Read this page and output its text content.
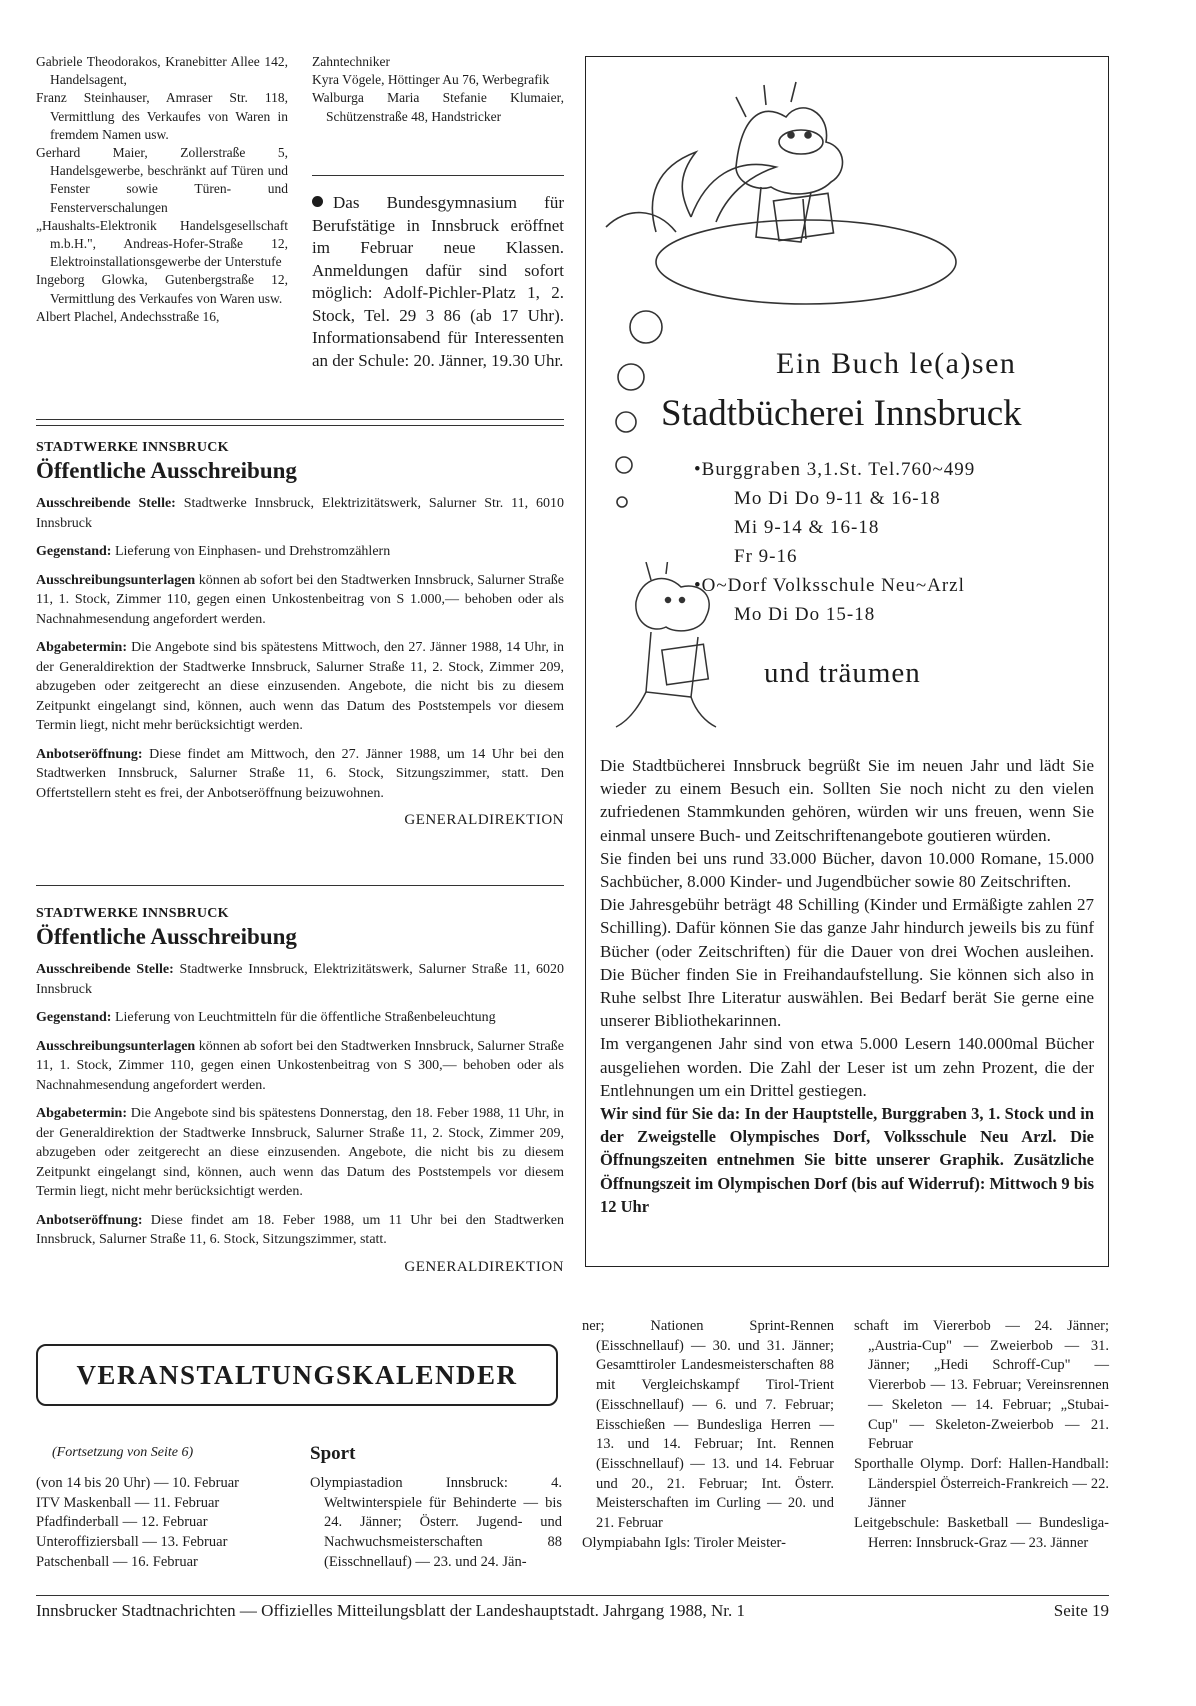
Gabriele Theodorakos, Kranebitter Allee 142, Handelsagent,

Franz Steinhauser, Amraser Str. 118, Vermittlung des Verkaufes von Waren in fremdem Namen usw.

Gerhard Maier, Zollerstraße 5, Handelsgewerbe, beschränkt auf Türen und Fenster sowie Türen- und Fensterverschalungen

„Haushalts-Elektronik Handelsgesellschaft m.b.H.", Andreas-Hofer-Straße 12, Elektroinstallationsgewerbe der Unterstufe

Ingeborg Glowka, Gutenbergstraße 12, Vermittlung des Verkaufes von Waren usw.

Albert Plachel, Andechsstraße 16,

Zahntechniker

Kyra Vögele, Höttinger Au 76, Werbegrafik

Walburga Maria Stefanie Klumaier, Schützenstraße 48, Handstricker

Das Bundesgymnasium für Berufstätige in Innsbruck eröffnet im Februar neue Klassen. Anmeldungen dafür sind sofort möglich: Adolf-Pichler-Platz 1, 2. Stock, Tel. 29 3 86 (ab 17 Uhr). Informationsabend für Interessenten an der Schule: 20. Jänner, 19.30 Uhr.
STADTWERKE INNSBRUCK
Öffentliche Ausschreibung

Ausschreibende Stelle: Stadtwerke Innsbruck, Elektrizitätswerk, Salurner Str. 11, 6010 Innsbruck

Gegenstand: Lieferung von Einphasen- und Drehstromzählern

Ausschreibungsunterlagen können ab sofort bei den Stadtwerken Innsbruck, Salurner Straße 11, 1. Stock, Zimmer 110, gegen einen Unkostenbeitrag von S 1.000,— behoben oder als Nachnahmesendung angefordert werden.

Abgabetermin: Die Angebote sind bis spätestens Mittwoch, den 27. Jänner 1988, 14 Uhr, in der Generaldirektion der Stadtwerke Innsbruck, Salurner Straße 11, 2. Stock, Zimmer 209, abzugeben oder zeitgerecht an diese einzusenden. Angebote, die nicht bis zu diesem Zeitpunkt eingelangt sind, können, auch wenn das Datum des Poststempels vor diesem Termin liegt, nicht mehr berücksichtigt werden.

Anbotseröffnung: Diese findet am Mittwoch, den 27. Jänner 1988, um 14 Uhr bei den Stadtwerken Innsbruck, Salurner Straße 11, 6. Stock, Sitzungszimmer, statt. Den Offertstellern steht es frei, der Anbotseröffnung beizuwohnen.

GENERALDIREKTION
STADTWERKE INNSBRUCK
Öffentliche Ausschreibung

Ausschreibende Stelle: Stadtwerke Innsbruck, Elektrizitätswerk, Salurner Straße 11, 6020 Innsbruck

Gegenstand: Lieferung von Leuchtmitteln für die öffentliche Straßenbeleuchtung

Ausschreibungsunterlagen können ab sofort bei den Stadtwerken Innsbruck, Salurner Straße 11, 1. Stock, Zimmer 110, gegen einen Unkostenbeitrag von S 300,— behoben oder als Nachnahmesendung angefordert werden.

Abgabetermin: Die Angebote sind bis spätestens Donnerstag, den 18. Feber 1988, 11 Uhr, in der Generaldirektion der Stadtwerke Innsbruck, Salurner Straße 11, 2. Stock, Zimmer 209, abzugeben oder zeitgerecht an diese einzusenden. Angebote, die nicht bis zu diesem Zeitpunkt eingelangt sind, können, auch wenn das Datum des Poststempels vor diesem Termin liegt, nicht mehr berücksichtigt werden.

Anbotseröffnung: Diese findet am 18. Feber 1988, um 11 Uhr bei den Stadtwerken Innsbruck, Salurner Straße 11, 6. Stock, Sitzungszimmer, statt.

GENERALDIREKTION
Ein Buch le(a)sen
Stadtbücherei Innsbruck
•Burggraben 3,1.St. Tel.760~499
Mo Di Do 9-11 & 16-18
Mi 9-14 & 16-18
Fr 9-16
•O~Dorf Volksschule Neu~Arzl
Mo Di Do 15-18
und träumen

Die Stadtbücherei Innsbruck begrüßt Sie im neuen Jahr und lädt Sie wieder zu einem Besuch ein. Sollten Sie noch nicht zu den vielen zufriedenen Stammkunden gehören, würden wir uns freuen, wenn Sie einmal unsere Buch- und Zeitschriftenangebote goutieren würden.

Sie finden bei uns rund 33.000 Bücher, davon 10.000 Romane, 15.000 Sachbücher, 8.000 Kinder- und Jugendbücher sowie 80 Zeitschriften.

Die Jahresgebühr beträgt 48 Schilling (Kinder und Ermäßigte zahlen 27 Schilling). Dafür können Sie das ganze Jahr hindurch jeweils bis zu fünf Bücher (oder Zeitschriften) für die Dauer von drei Wochen ausleihen. Die Bücher finden Sie in Freihandaufstellung. Sie können sich also in Ruhe selbst Ihre Literatur auswählen. Bei Bedarf berät Sie gerne eine unserer Bibliothekarinnen.

Im vergangenen Jahr sind von etwa 5.000 Lesern 140.000mal Bücher ausgeliehen worden. Die Zahl der Leser ist um zehn Prozent, die der Entlehnungen um ein Drittel gestiegen.

Wir sind für Sie da: In der Hauptstelle, Burggraben 3, 1. Stock und in der Zweigstelle Olympisches Dorf, Volksschule Neu Arzl. Die Öffnungszeiten entnehmen Sie bitte unserer Graphik. Zusätzliche Öffnungszeit im Olympischen Dorf (bis auf Widerruf): Mittwoch 9 bis 12 Uhr

VERANSTALTUNGSKALENDER
(Fortsetzung von Seite 6)

(von 14 bis 20 Uhr) — 10. Februar

ITV Maskenball — 11. Februar

Pfadfinderball — 12. Februar

Unteroffiziersball — 13. Februar

Patschenball — 16. Februar

Sport

Olympiastadion Innsbruck: 4. Weltwinterspiele für Behinderte — bis 24. Jänner; Österr. Jugend- und Nachwuchsmeisterschaften 88 (Eisschnellauf) — 23. und 24. Jän-

ner; Nationen Sprint-Rennen (Eisschnellauf) — 30. und 31. Jänner; Gesamttiroler Landesmeisterschaften 88 mit Vergleichskampf Tirol-Trient (Eisschnellauf) — 6. und 7. Februar; Eisschießen — Bundesliga Herren — 13. und 14. Februar; Int. Rennen (Eisschnellauf) — 13. und 14. Februar und 20., 21. Februar; Int. Österr. Meisterschaften im Curling — 20. und 21. Februar

Olympiabahn Igls: Tiroler Meister-

schaft im Viererbob — 24. Jänner; „Austria-Cup" — Zweierbob — 31. Jänner; „Hedi Schroff-Cup" — Viererbob — 13. Februar; Vereinsrennen — Skeleton — 14. Februar; „Stubai-Cup" — Skeleton-Zweierbob — 21. Februar

Sporthalle Olymp. Dorf: Hallen-Handball: Länderspiel Österreich-Frankreich — 22. Jänner

Leitgebschule: Basketball — Bundesliga-Herren: Innsbruck-Graz — 23. Jänner

Innsbrucker Stadtnachrichten — Offizielles Mitteilungsblatt der Landeshauptstadt. Jahrgang 1988, Nr. 1	Seite 19
